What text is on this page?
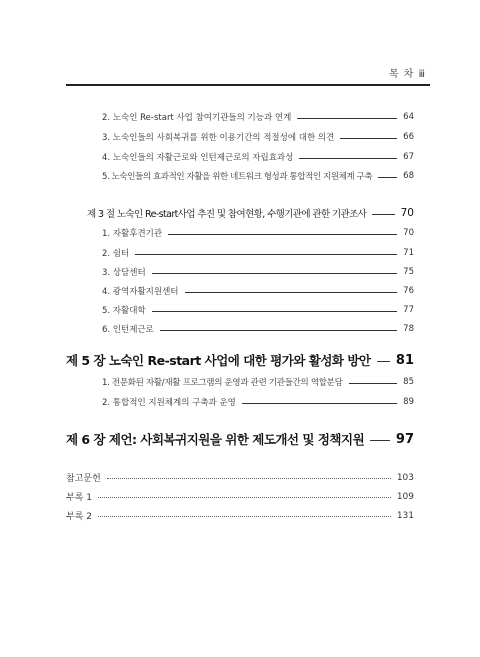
목 차 ⅲ
2. 노숙인 Re-start 사업 참여기관들의 기능과 연계	64
3. 노숙인들의 사회복귀를 위한 이용기간의 적절성에 대한 의견	66
4. 노숙인들의 자활근로와 인턴제근로의 자립효과성	67
5. 노숙인들의 효과적인 자활을 위한 네트워크 형성과 통합적인 지원체계 구축	68
제 3 절 노숙인 Re-start사업 추진 및 참여현황, 수행기관에 관한 기관조사	70
1. 자활후견기관	70
2. 쉼터	71
3. 상담센터	75
4. 광역자활지원센터	76
5. 자활대학	77
6. 인턴제근로	78
제 5 장 노숙인 Re-start 사업에 대한 평가와 활성화 방안 81
1. 전문화된 자활/재활 프로그램의 운영과 관련 기관들간의 역할분담	85
2. 통합적인 지원체계의 구축과 운영	89
제 6 장 제언: 사회복귀지원을 위한 제도개선 및 정책지원 97
참고문헌	103
부록 1	109
부록 2	131
